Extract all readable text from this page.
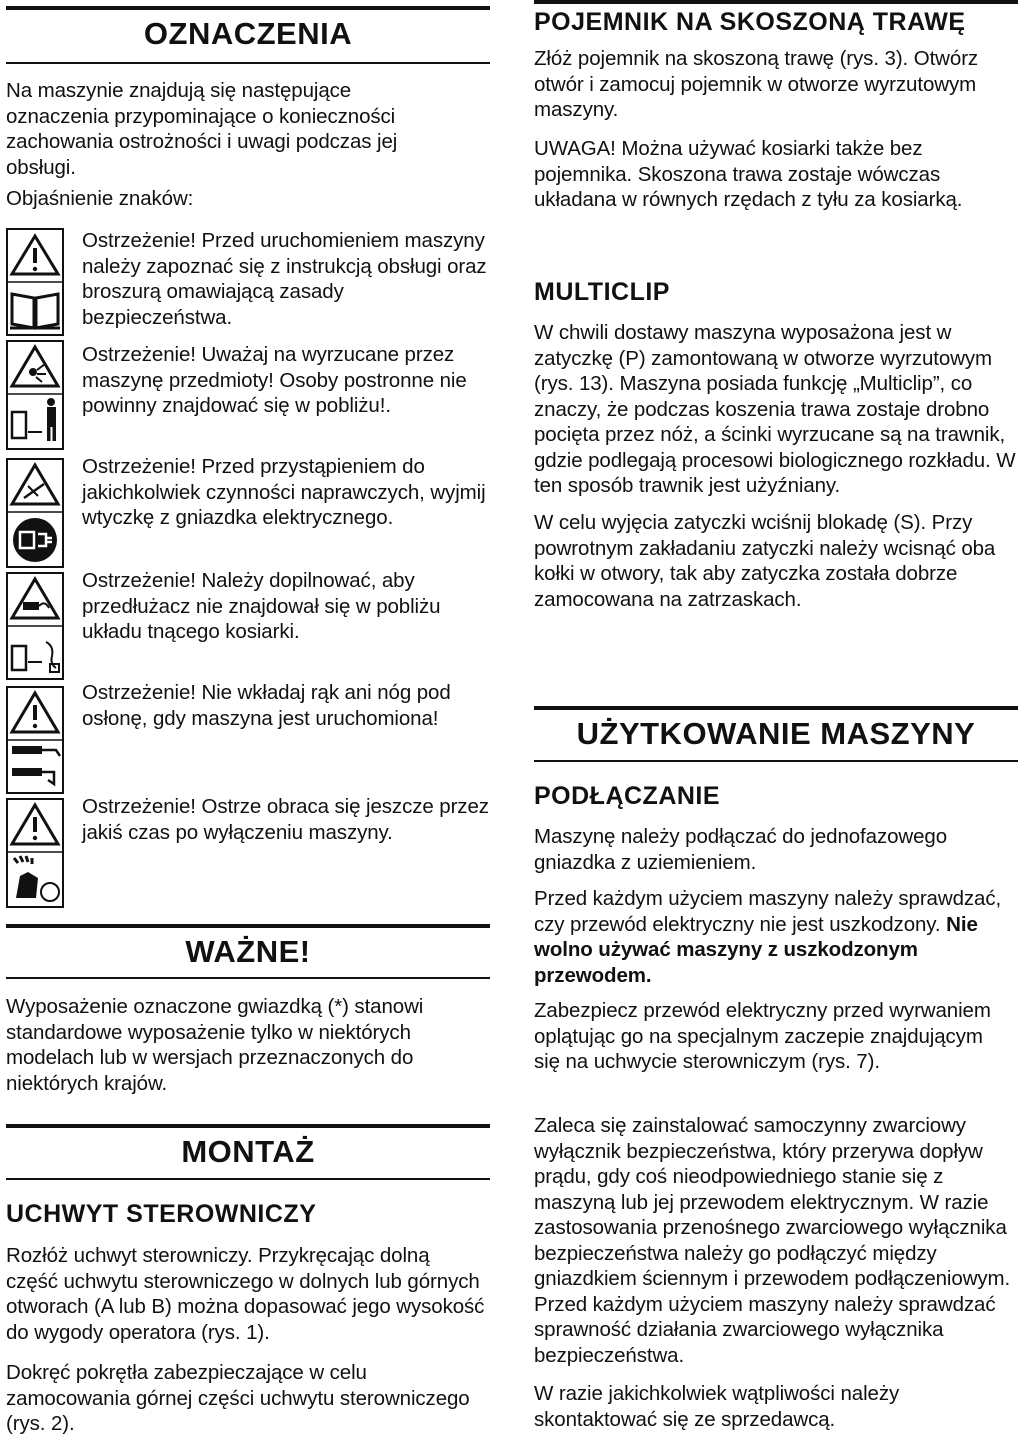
OZNACZENIA

Na maszynie znajdują się następujące oznaczenia przypominające o konieczności zachowania ostrożności i uwagi podczas jej obsługi.

Objaśnienie znaków:

Ostrzeżenie! Przed uruchomieniem maszyny należy zapoznać się z instrukcją obsługi oraz broszurą omawiającą zasady bezpieczeństwa.

Ostrzeżenie! Uważaj na wyrzucane przez maszynę przedmioty! Osoby postronne nie powinny znajdować się w pobliżu!.

Ostrzeżenie! Przed przystąpieniem do jakichkolwiek czynności naprawczych, wyjmij wtyczkę z gniazdka elektrycznego.

Ostrzeżenie! Należy dopilnować, aby przedłużacz nie znajdował się w pobliżu układu tnącego kosiarki.

Ostrzeżenie! Nie wkładaj rąk ani nóg pod osłonę, gdy maszyna jest uruchomiona!

Ostrzeżenie! Ostrze obraca się jeszcze przez jakiś czas po wyłączeniu maszyny.

WAŻNE!

Wyposażenie oznaczone gwiazdką (*) stanowi standardowe wyposażenie tylko w niektórych modelach lub w wersjach przeznaczonych do niektórych krajów.

MONTAŻ
UCHWYT STEROWNICZY

Rozłóż uchwyt sterowniczy. Przykręcając dolną część uchwytu sterowniczego w dolnych lub górnych otworach (A lub B) można dopasować jego wysokość do wygody operatora (rys. 1).

Dokręć pokrętła zabezpieczające w celu zamocowania górnej części uchwytu sterowniczego (rys. 2).

POJEMNIK NA SKOSZONĄ TRAWĘ

Złóż pojemnik na skoszoną trawę (rys. 3). Otwórz otwór i zamocuj pojemnik w otworze wyrzutowym maszyny.

UWAGA! Można używać kosiarki także bez pojemnika. Skoszona trawa zostaje wówczas układana w równych rzędach z tyłu za kosiarką.

MULTICLIP

W chwili dostawy maszyna wyposażona jest w zatyczkę (P) zamontowaną w otworze wyrzutowym (rys. 13). Maszyna posiada funkcję „Multiclip”, co znaczy, że podczas koszenia trawa zostaje drobno pocięta przez nóż, a ścinki wyrzucane są na trawnik, gdzie podlegają procesowi biologicznego rozkładu. W ten sposób trawnik jest użyźniany.

W celu wyjęcia zatyczki wciśnij blokadę (S). Przy powrotnym zakładaniu zatyczki należy wcisnąć oba kołki w otwory, tak aby zatyczka została dobrze zamocowana na zatrzaskach.

UŻYTKOWANIE MASZYNY
PODŁĄCZANIE

Maszynę należy podłączać do jednofazowego gniazdka z uziemieniem.

Przed każdym użyciem maszyny należy sprawdzać, czy przewód elektryczny nie jest uszkodzony. Nie wolno używać maszyny z uszkodzonym przewodem.

Zabezpiecz przewód elektryczny przed wyrwaniem oplątując go na specjalnym zaczepie znajdującym się na uchwycie sterowniczym (rys. 7).

Zaleca się zainstalować samoczynny zwarciowy wyłącznik bezpieczeństwa, który przerywa dopływ prądu, gdy coś nieodpowiedniego stanie się z maszyną lub jej przewodem elektrycznym. W razie zastosowania przenośnego zwarciowego wyłącznika bezpieczeństwa należy go podłączyć między gniazdkiem ściennym i przewodem podłączeniowym. Przed każdym użyciem maszyny należy sprawdzać sprawność działania zwarciowego wyłącznika bezpieczeństwa.

W razie jakichkolwiek wątpliwości należy skontaktować się ze sprzedawcą.
